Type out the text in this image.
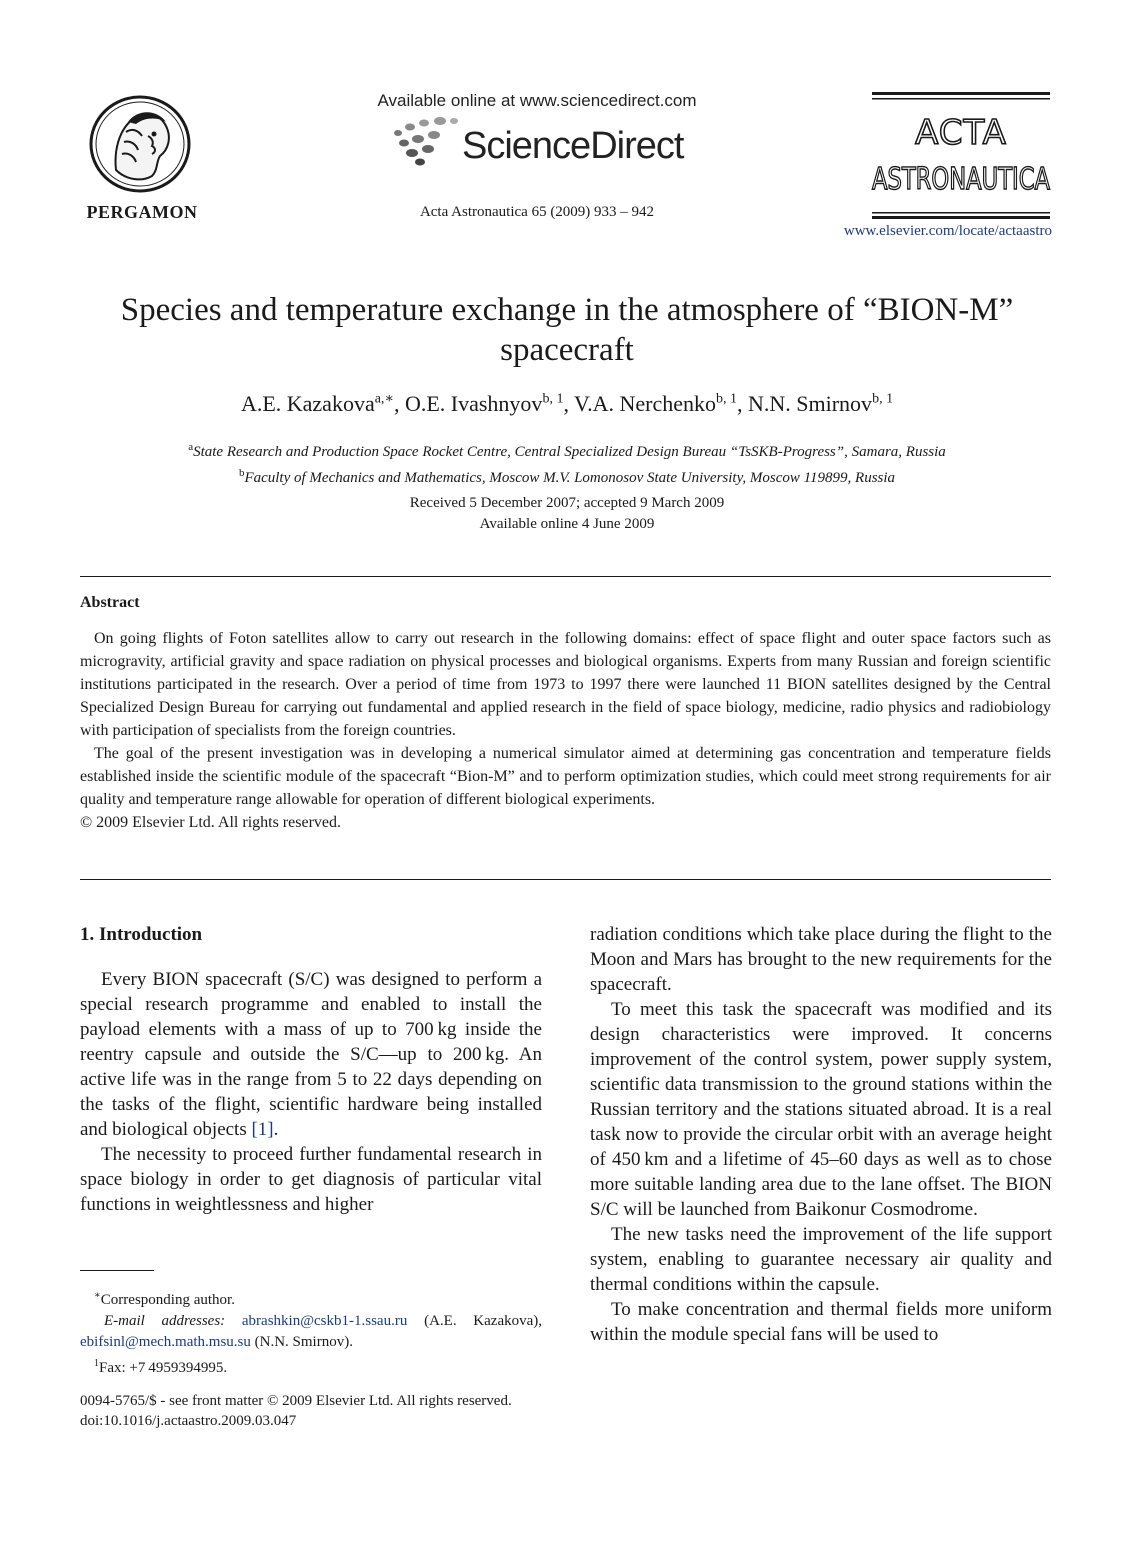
PERGAMON
Available online at www.sciencedirect.com
ScienceDirect
Acta Astronautica 65 (2009) 933 – 942
ACTA
ASTRONAUTICA
www.elsevier.com/locate/actaastro
Species and temperature exchange in the atmosphere of “BION-M”
spacecraft
A.E. Kazakova$^{a,∗}$, O.E. Ivashnyov$^{b, 1}$, V.A. Nerchenko$^{b, 1}$, N.N. Smirnov$^{b, 1}$
$^a$State Research and Production Space Rocket Centre, Central Specialized Design Bureau “TsSKB-Progress”, Samara, Russia
$^b$Faculty of Mechanics and Mathematics, Moscow M.V. Lomonosov State University, Moscow 119899, Russia
Received 5 December 2007; accepted 9 March 2009
Available online 4 June 2009
Abstract

On going flights of Foton satellites allow to carry out research in the following domains: effect of space flight and outer space factors such as microgravity, artificial gravity and space radiation on physical processes and biological organisms. Experts from many Russian and foreign scientific institutions participated in the research. Over a period of time from 1973 to 1997 there were launched 11 BION satellites designed by the Central Specialized Design Bureau for carrying out fundamental and applied research in the field of space biology, medicine, radio physics and radiobiology with participation of specialists from the foreign countries.

The goal of the present investigation was in developing a numerical simulator aimed at determining gas concentration and temperature fields established inside the scientific module of the spacecraft “Bion-M” and to perform optimization studies, which could meet strong requirements for air quality and temperature range allowable for operation of different biological experiments.
© 2009 Elsevier Ltd. All rights reserved.

1. Introduction

Every BION spacecraft (S/C) was designed to perform a special research programme and enabled to install the payload elements with a mass of up to 700 kg inside the reentry capsule and outside the S/C—up to 200 kg. An active life was in the range from 5 to 22 days depending on the tasks of the flight, scientific hardware being installed and biological objects [1].

The necessity to proceed further fundamental research in space biology in order to get diagnosis of particular vital functions in weightlessness and higher

radiation conditions which take place during the flight to the Moon and Mars has brought to the new requirements for the spacecraft.

To meet this task the spacecraft was modified and its design characteristics were improved. It concerns improvement of the control system, power supply system, scientific data transmission to the ground stations within the Russian territory and the stations situated abroad. It is a real task now to provide the circular orbit with an average height of 450 km and a lifetime of 45–60 days as well as to chose more suitable landing area due to the lane offset. The BION S/C will be launched from Baikonur Cosmodrome.

The new tasks need the improvement of the life support system, enabling to guarantee necessary air quality and thermal conditions within the capsule.

To make concentration and thermal fields more uniform within the module special fans will be used to

∗Corresponding author.

E-mail addresses: abrashkin@cskb1-1.ssau.ru (A.E. Kazakova), ebifsinl@mech.math.msu.su (N.N. Smirnov).

$^1$Fax: +7 4959394995.

0094-5765/$ - see front matter © 2009 Elsevier Ltd. All rights reserved.

doi:10.1016/j.actaastro.2009.03.047
